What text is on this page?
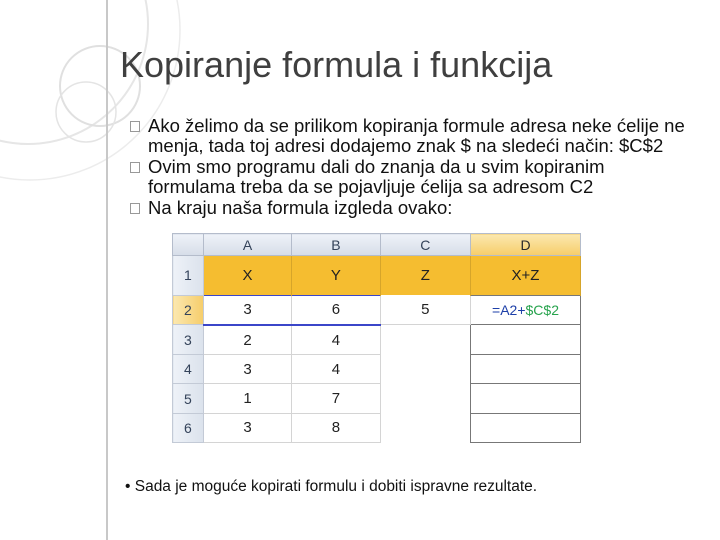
Kopiranje formula i funkcija
Ako želimo da se prilikom kopiranja formule adresa neke ćelije ne menja, tada toj adresi dodajemo znak $ na sledeći način: $C$2
Ovim smo programu dali do znanja da u svim kopiranim formulama treba da se pojavljuje ćelija sa adresom C2
Na kraju naša formula izgleda ovako:
	A	B	C	D
1	X	Y	Z	X+Z
2	3	6	5	=A2+$C$2
3	2	4		
4	3	4		
5	1	7		
6	3	8		
• Sada je moguće kopirati formulu i dobiti ispravne rezultate.
